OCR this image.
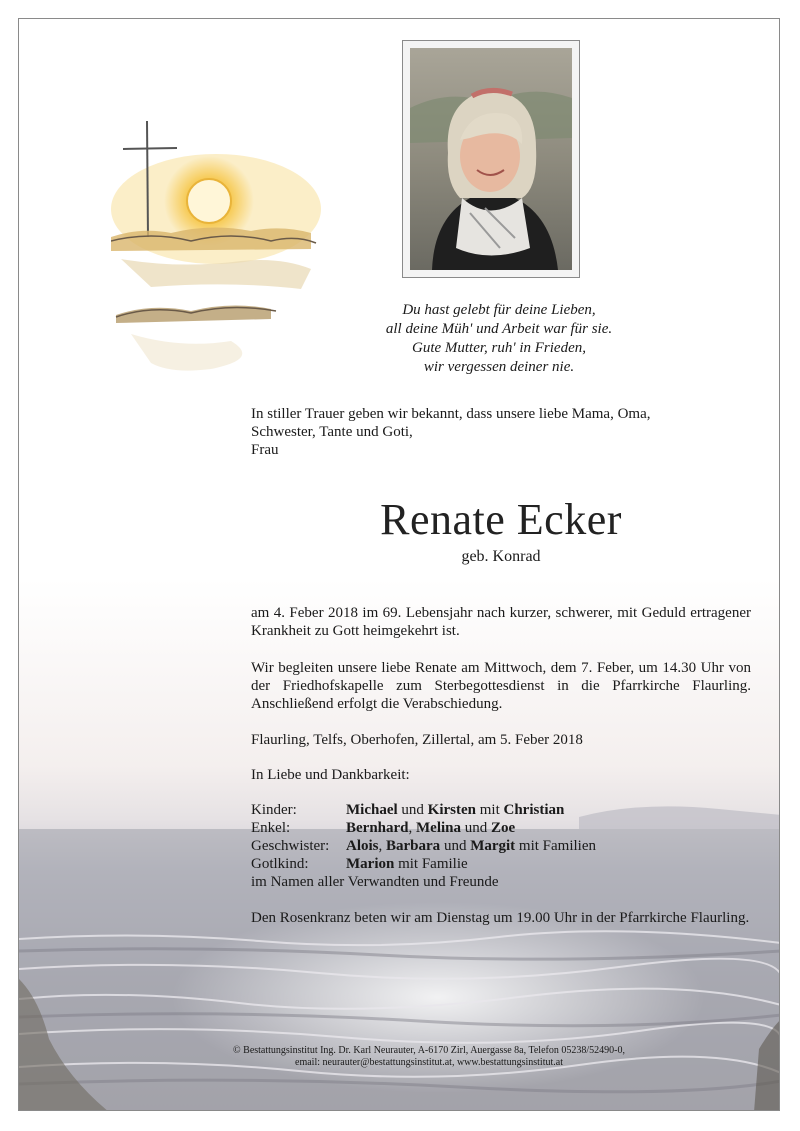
Du hast gelebt für deine Lieben,
all deine Müh' und Arbeit war für sie.
Gute Mutter, ruh' in Frieden,
wir vergessen deiner nie.
In stiller Trauer geben wir bekannt, dass unsere liebe Mama, Oma,
Schwester, Tante und Goti,
Frau
Renate Ecker
geb. Konrad
am 4. Feber 2018 im 69. Lebensjahr nach kurzer, schwerer, mit Geduld ertragener Krankheit zu Gott heimgekehrt ist.
Wir begleiten unsere liebe Renate am Mittwoch, dem 7. Feber, um 14.30 Uhr von der Friedhofskapelle zum Sterbegottesdienst in die Pfarrkirche Flaurling. Anschließend erfolgt die Verabschiedung.
Flaurling, Telfs, Oberhofen, Zillertal, am 5. Feber 2018
In Liebe und Dankbarkeit:
Kinder:	Michael und Kirsten mit Christian
Enkel:	Bernhard, Melina und Zoe
Geschwister:	Alois, Barbara und Margit mit Familien
Gotlkind:	Marion mit Familie
im Namen aller Verwandten und Freunde
Den Rosenkranz beten wir am Dienstag um 19.00 Uhr in der Pfarrkirche Flaurling.
© Bestattungsinstitut Ing. Dr. Karl Neurauter, A-6170 Zirl, Auergasse 8a, Telefon 05238/52490-0,
email: neurauter@bestattungsinstitut.at, www.bestattungsinstitut.at
